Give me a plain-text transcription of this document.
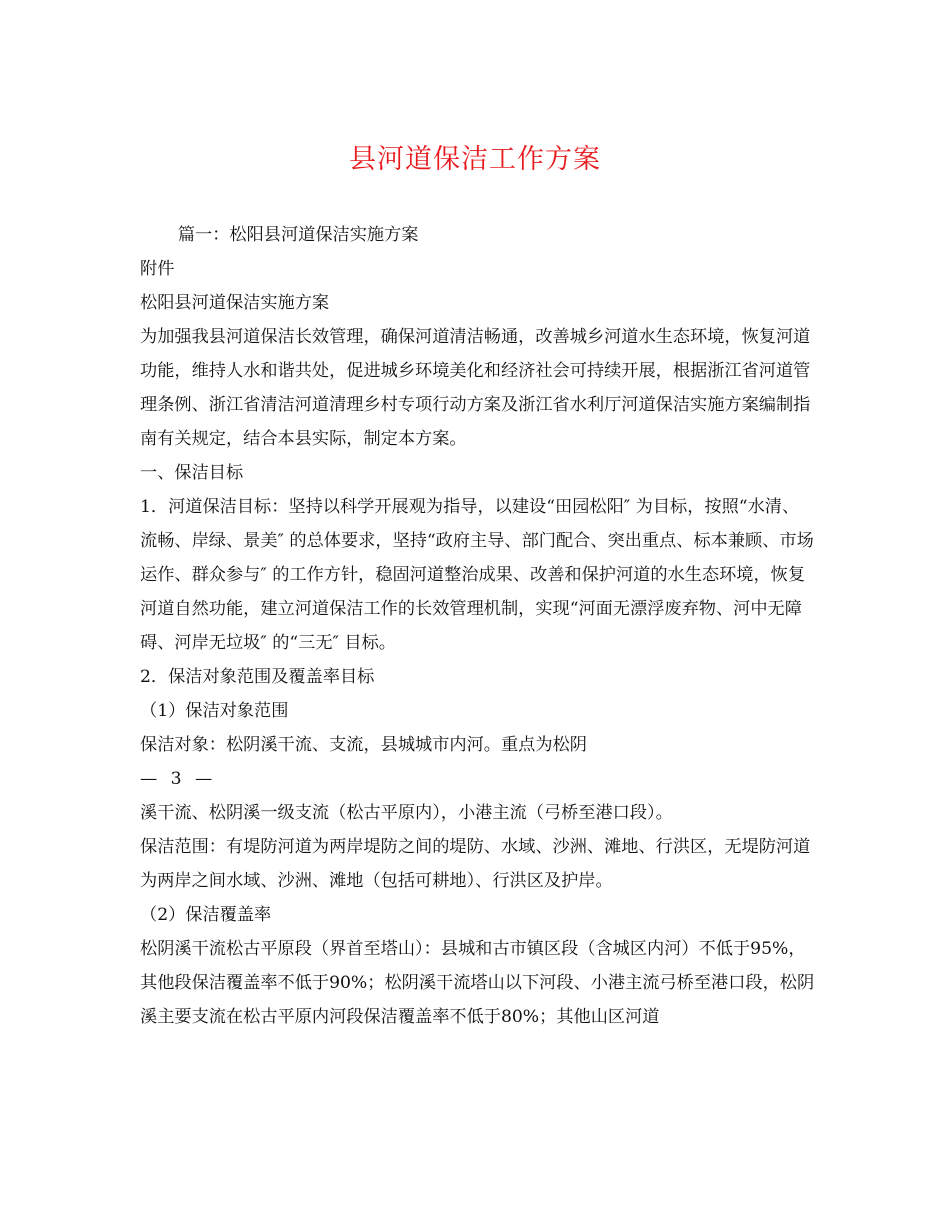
县河道保洁工作方案

篇一：松阳县河道保洁实施方案

附件

松阳县河道保洁实施方案

为加强我县河道保洁长效管理，确保河道清洁畅通，改善城乡河道水生态环境，恢复河道功能，维持人水和谐共处，促进城乡环境美化和经济社会可持续开展，根据浙江省河道管理条例、浙江省清洁河道清理乡村专项行动方案及浙江省水利厅河道保洁实施方案编制指南有关规定，结合本县实际，制定本方案。

一、保洁目标

1．河道保洁目标：坚持以科学开展观为指导，以建设“田园松阳″ 为目标，按照“水清、流畅、岸绿、景美″ 的总体要求，坚持“政府主导、部门配合、突出重点、标本兼顾、市场运作、群众参与″ 的工作方针，稳固河道整治成果、改善和保护河道的水生态环境，恢复河道自然功能，建立河道保洁工作的长效管理机制，实现“河面无漂浮废弃物、河中无障碍、河岸无垃圾″ 的“三无″ 目标。

2．保洁对象范围及覆盖率目标

（1）保洁对象范围

保洁对象：松阴溪干流、支流，县城城市内河。重点为松阴

— 3 —

溪干流、松阴溪一级支流（松古平原内），小港主流（弓桥至港口段）。

保洁范围：有堤防河道为两岸堤防之间的堤防、水域、沙洲、滩地、行洪区，无堤防河道为两岸之间水域、沙洲、滩地（包括可耕地）、行洪区及护岸。

（2）保洁覆盖率

松阴溪干流松古平原段（界首至塔山）：县城和古市镇区段（含城区内河）不低于95%，其他段保洁覆盖率不低于90%；松阴溪干流塔山以下河段、小港主流弓桥至港口段，松阴溪主要支流在松古平原内河段保洁覆盖率不低于80%；其他山区河道
